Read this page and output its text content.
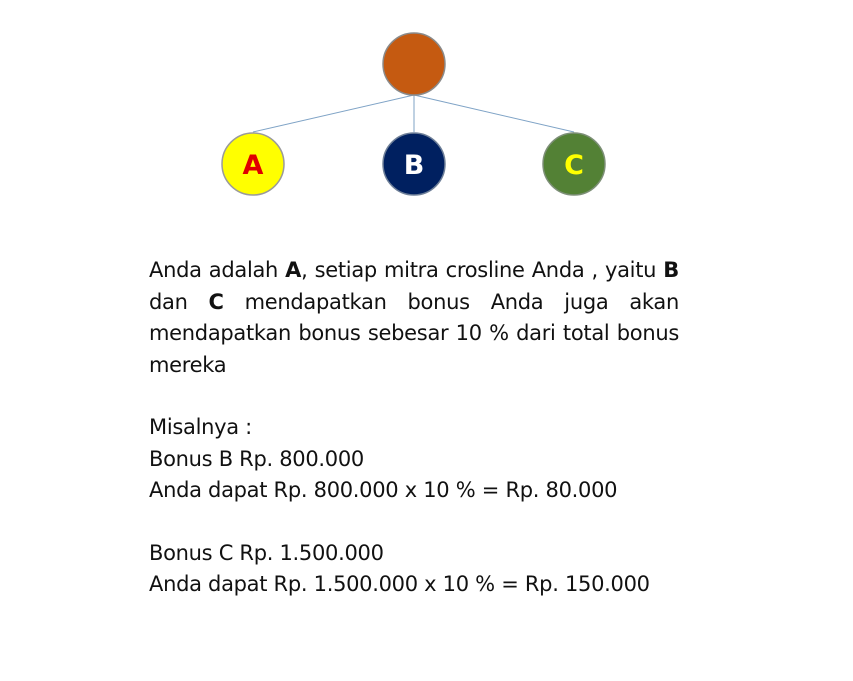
A	B	C

Anda adalah A, setiap mitra crosline Anda , yaitu B dan C mendapatkan bonus Anda juga akan mendapatkan bonus sebesar 10 % dari total bonus mereka

Misalnya :

Bonus B Rp. 800.000

Anda dapat Rp. 800.000 x 10 % = Rp. 80.000

Bonus C Rp. 1.500.000

Anda dapat Rp. 1.500.000 x 10 % = Rp. 150.000
